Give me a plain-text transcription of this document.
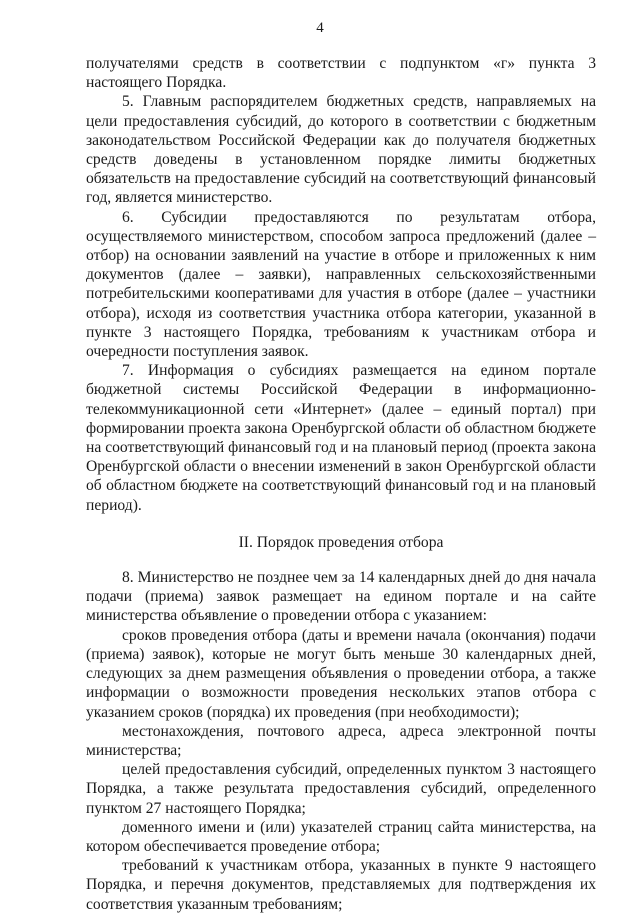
4

получателями средств в соответствии с подпунктом «г» пункта 3 настоящего Порядка.

5. Главным распорядителем бюджетных средств, направляемых на цели предоставления субсидий, до которого в соответствии с бюджетным законодательством Российской Федерации как до получателя бюджетных средств доведены в установленном порядке лимиты бюджетных обязательств на предоставление субсидий на соответствующий финансовый год, является министерство.

6. Субсидии предоставляются по результатам отбора, осуществляемого министерством, способом запроса предложений (далее – отбор) на основании заявлений на участие в отборе и приложенных к ним документов (далее – заявки), направленных сельскохозяйственными потребительскими кооперативами для участия в отборе (далее – участники отбора), исходя из соответствия участника отбора категории, указанной в пункте 3 настоящего Порядка, требованиям к участникам отбора и очередности поступления заявок.

7. Информация о субсидиях размещается на едином портале бюджетной системы Российской Федерации в информационно-телекоммуникационной сети «Интернет» (далее – единый портал) при формировании проекта закона Оренбургской области об областном бюджете на соответствующий финансовый год и на плановый период (проекта закона Оренбургской области о внесении изменений в закон Оренбургской области об областном бюджете на соответствующий финансовый год и на плановый период).

II. Порядок проведения отбора

8. Министерство не позднее чем за 14 календарных дней до дня начала подачи (приема) заявок размещает на едином портале и на сайте министерства объявление о проведении отбора с указанием:

сроков проведения отбора (даты и времени начала (окончания) подачи (приема) заявок), которые не могут быть меньше 30 календарных дней, следующих за днем размещения объявления о проведении отбора, а также информации о возможности проведения нескольких этапов отбора с указанием сроков (порядка) их проведения (при необходимости);

местонахождения, почтового адреса, адреса электронной почты министерства;

целей предоставления субсидий, определенных пунктом 3 настоящего Порядка, а также результата предоставления субсидий, определенного пунктом 27 настоящего Порядка;

доменного имени и (или) указателей страниц сайта министерства, на котором обеспечивается проведение отбора;

требований к участникам отбора, указанных в пункте 9 настоящего Порядка, и перечня документов, представляемых для подтверждения их соответствия указанным требованиям;
